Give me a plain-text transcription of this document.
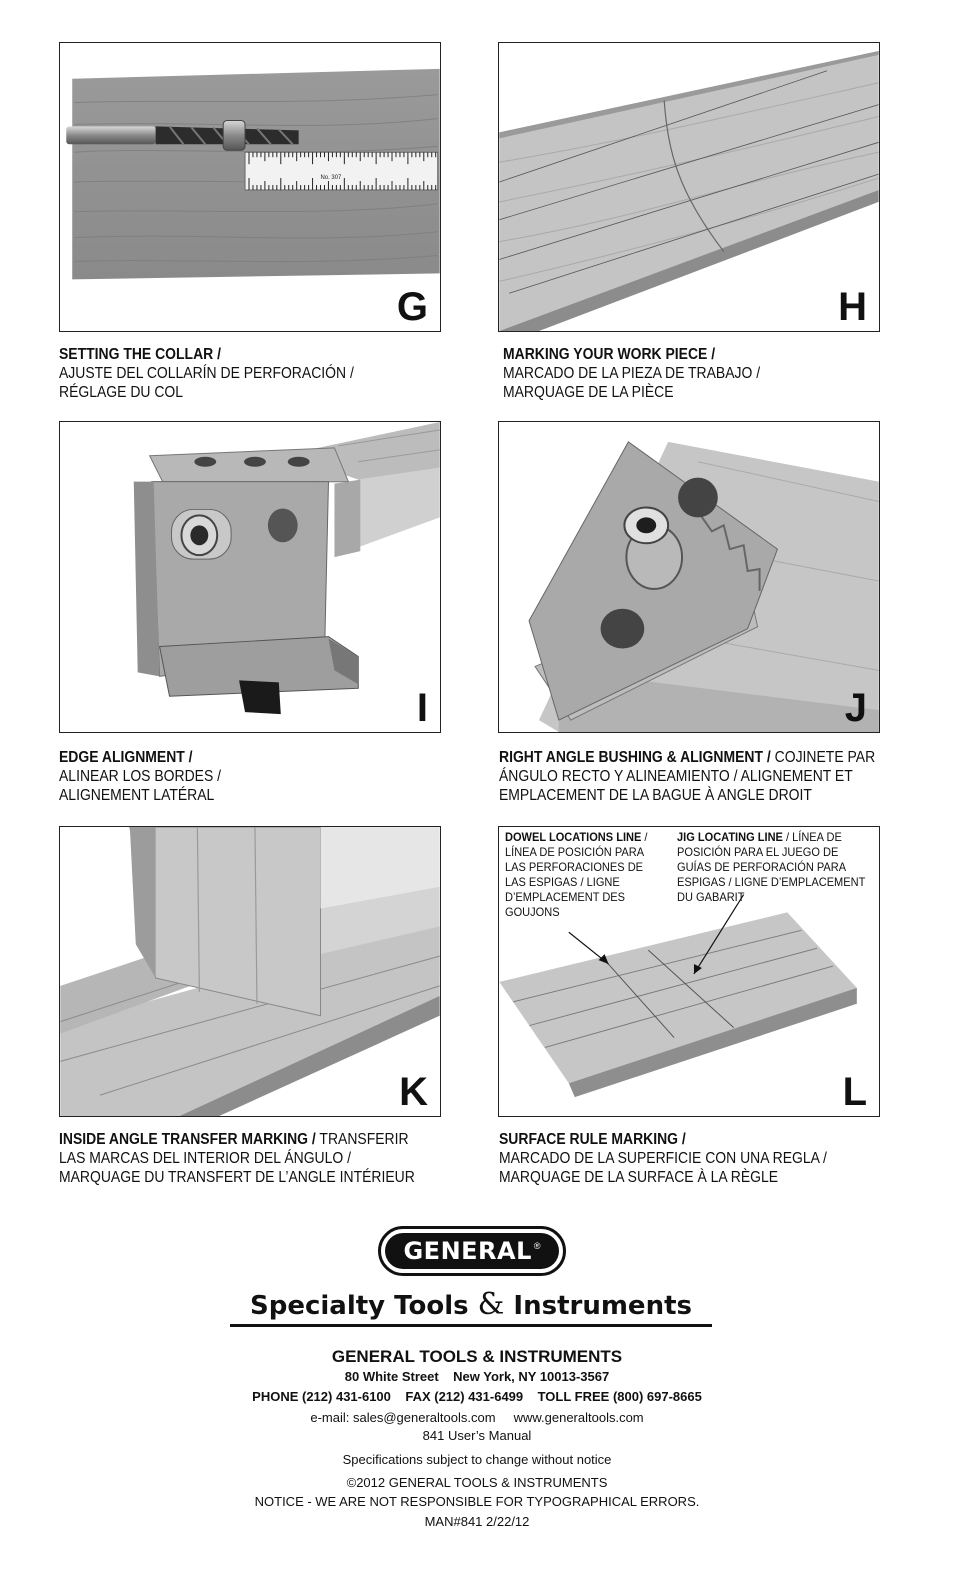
No. 307
G	H
SETTING THE COLLAR /
AJUSTE DEL COLLARÍN DE PERFORACIÓN /
RÉGLAGE DU COL
MARKING YOUR WORK PIECE /
MARCADO DE LA PIEZA DE TRABAJO /
MARQUAGE DE LA PIÈCE
I	J
EDGE ALIGNMENT /
ALINEAR LOS BORDES /
ALIGNEMENT LATÉRAL
RIGHT ANGLE BUSHING & ALIGNMENT / COJINETE PAR
ÁNGULO RECTO Y ALINEAMIENTO / ALIGNEMENT ET
EMPLACEMENT DE LA BAGUE À ANGLE DROIT
K
DOWEL LOCATIONS LINE /
LÍNEA DE POSICIÓN PARA
LAS PERFORACIONES DE
LAS ESPIGAS / LIGNE
D’EMPLACEMENT DES
GOUJONS
JIG LOCATING LINE / LÍNEA DE
POSICIÓN PARA EL JUEGO DE
GUÍAS DE PERFORACIÓN PARA
ESPIGAS / LIGNE D’EMPLACEMENT
DU GABARIT
L
INSIDE ANGLE TRANSFER MARKING / TRANSFERIR
LAS MARCAS DEL INTERIOR DEL ÁNGULO /
MARQUAGE DU TRANSFERT DE L’ANGLE INTÉRIEUR
SURFACE RULE MARKING /
MARCADO DE LA SUPERFICIE CON UNA REGLA /
MARQUAGE DE LA SURFACE À LA RÈGLE
GENERAL ®
Specialty Tools & Instruments
GENERAL TOOLS & INSTRUMENTS
80 White Street    New York, NY 10013-3567
PHONE (212) 431-6100    FAX (212) 431-6499    TOLL FREE (800) 697-8665
e-mail: sales@generaltools.com     www.generaltools.com
841 User’s Manual
Specifications subject to change without notice
©2012 GENERAL TOOLS & INSTRUMENTS
NOTICE - WE ARE NOT RESPONSIBLE FOR TYPOGRAPHICAL ERRORS.
MAN#841 2/22/12
